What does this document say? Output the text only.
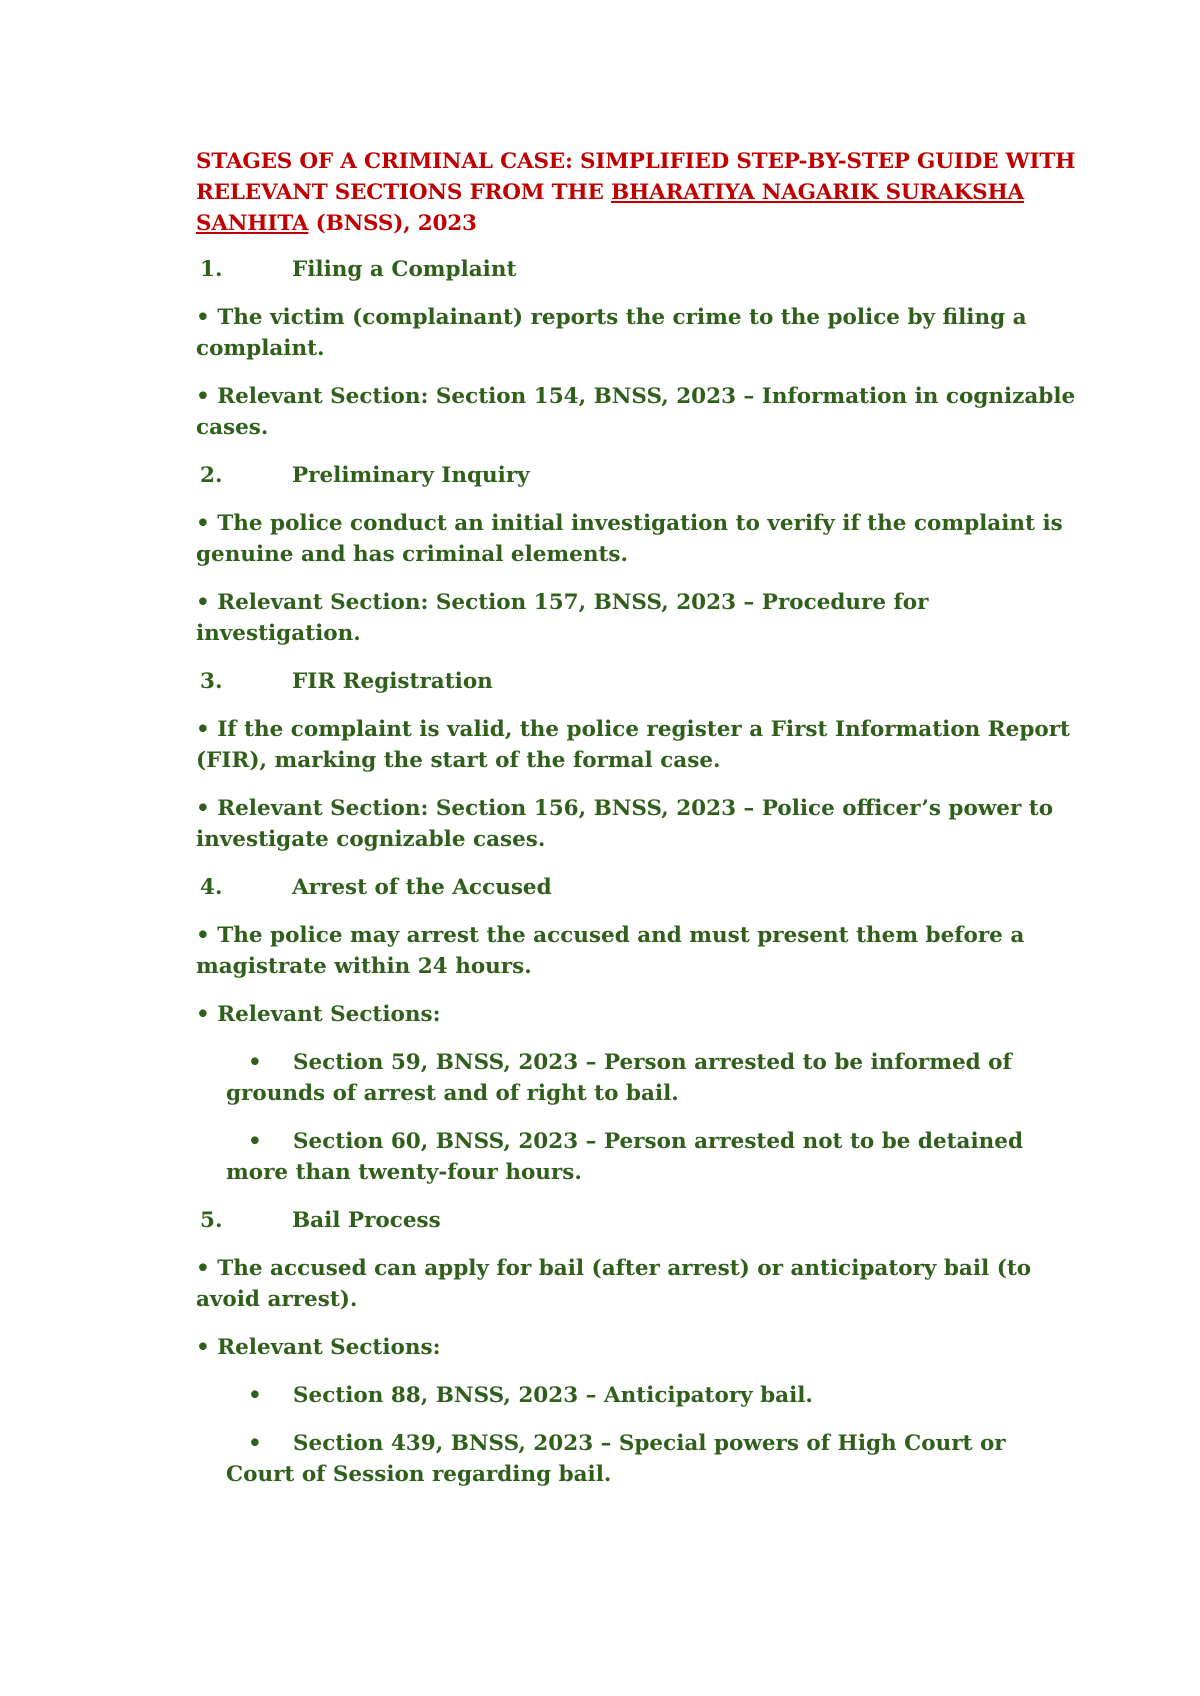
STAGES OF A CRIMINAL CASE: SIMPLIFIED STEP-BY-STEP GUIDE WITH RELEVANT SECTIONS FROM THE BHARATIYA NAGARIK SURAKSHA SANHITA (BNSS), 2023
1.	Filing a Complaint
• The victim (complainant) reports the crime to the police by filing a complaint.
• Relevant Section: Section 154, BNSS, 2023 – Information in cognizable cases.
2.	Preliminary Inquiry
• The police conduct an initial investigation to verify if the complaint is genuine and has criminal elements.
• Relevant Section: Section 157, BNSS, 2023 – Procedure for investigation.
3.	FIR Registration
• If the complaint is valid, the police register a First Information Report (FIR), marking the start of the formal case.
• Relevant Section: Section 156, BNSS, 2023 – Police officer’s power to investigate cognizable cases.
4.	Arrest of the Accused
• The police may arrest the accused and must present them before a magistrate within 24 hours.
• Relevant Sections:
• Section 59, BNSS, 2023 – Person arrested to be informed of grounds of arrest and of right to bail.
• Section 60, BNSS, 2023 – Person arrested not to be detained more than twenty-four hours.
5.	Bail Process
• The accused can apply for bail (after arrest) or anticipatory bail (to avoid arrest).
• Relevant Sections:
• Section 88, BNSS, 2023 – Anticipatory bail.
• Section 439, BNSS, 2023 – Special powers of High Court or Court of Session regarding bail.
